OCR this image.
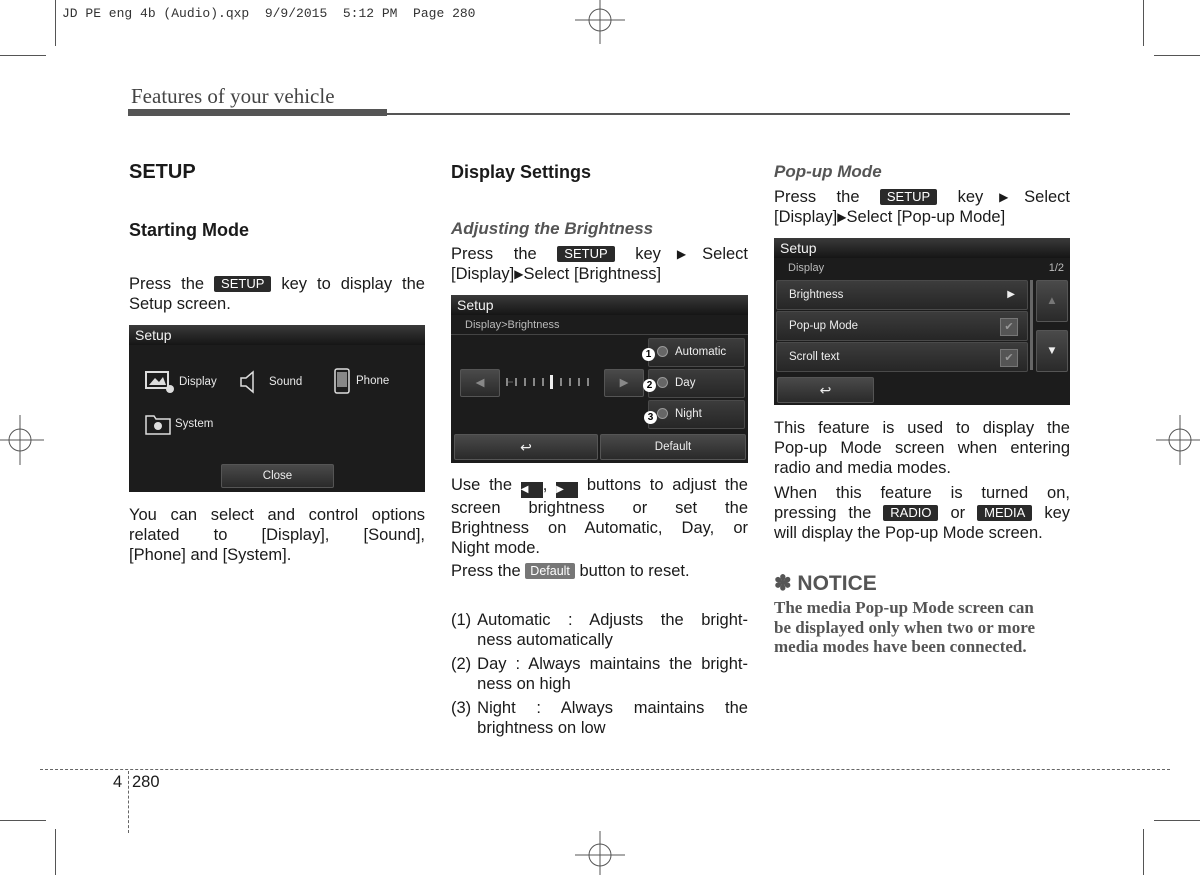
JD PE eng 4b (Audio).qxp  9/9/2015  5:12 PM  Page 280
Features of your vehicle
SETUP
Starting Mode
Press the SETUP key to display the
Setup screen.
Setup
Display	Sound	Phone
System
Close
You can select and control options
related to [Display], [Sound],
[Phone] and [System].
Display Settings
Adjusting the Brightness
Press the SETUP key▶Select
[Display]▶Select [Brightness]
Setup
Display>Brightness
◀	▶
Automatic
Day
Night
1
2
3
↩	Default
Use the ◀ , ▶ buttons to adjust the
screen brightness or set the
Brightness on Automatic, Day, or
Night mode.
Press the Default button to reset.
(1) Automatic : Adjusts the bright-
ness automatically
(2) Day : Always maintains the bright-
ness on high
(3) Night : Always maintains the
brightness on low
Pop-up Mode
Press the SETUP key▶Select
[Display]▶Select [Pop-up Mode]
Setup
Display	1/2
Brightness	▶
Pop-up Mode	✔
Scroll text	✔
▲
▼
↩
This feature is used to display the
Pop-up Mode screen when entering
radio and media modes.
When this feature is turned on,
pressing the RADIO or MEDIA key
will display the Pop-up Mode screen.
✽ NOTICE
The media Pop-up Mode screen can
be displayed only when two or more
media modes have been connected.
4 280
